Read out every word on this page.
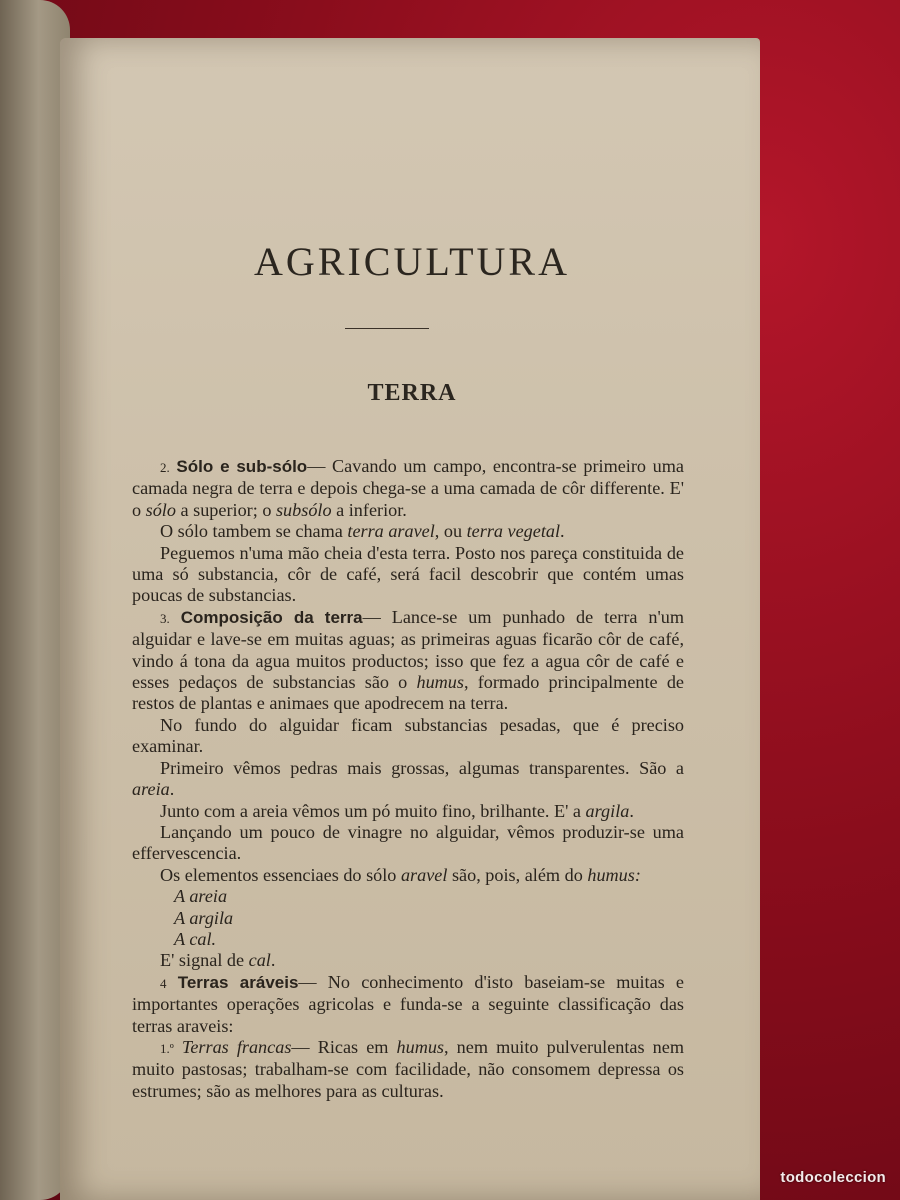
AGRICULTURA
TERRA

2. Sólo e sub-sólo— Cavando um campo, encontra-se primeiro uma camada negra de terra e depois chega-se a uma camada de côr differente. E' o sólo a superior; o subsólo a inferior.

O sólo tambem se chama terra aravel, ou terra vegetal.

Peguemos n'uma mão cheia d'esta terra. Posto nos pareça constituida de uma só substancia, côr de café, será facil descobrir que contém umas poucas de substancias.

3. Composição da terra— Lance-se um punhado de terra n'um alguidar e lave-se em muitas aguas; as primeiras aguas ficarão côr de café, vindo á tona da agua muitos productos; isso que fez a agua côr de café e esses pedaços de substancias são o humus, formado principalmente de restos de plantas e animaes que apodrecem na terra.

No fundo do alguidar ficam substancias pesadas, que é preciso examinar.

Primeiro vêmos pedras mais grossas, algumas transparentes. São a areia.

Junto com a areia vêmos um pó muito fino, brilhante. E' a argila.

Lançando um pouco de vinagre no alguidar, vêmos produzir-se uma effervescencia.

Os elementos essenciaes do sólo aravel são, pois, além do humus:

A areia
A argila
A cal.

E' signal de cal.

4 Terras aráveis— No conhecimento d'isto baseiam-se muitas e importantes operações agricolas e funda-se a seguinte classificação das terras araveis:

1.º Terras francas— Ricas em humus, nem muito pulverulentas nem muito pastosas; trabalham-se com facilidade, não consomem depressa os estrumes; são as melhores para as culturas.

todocoleccion
